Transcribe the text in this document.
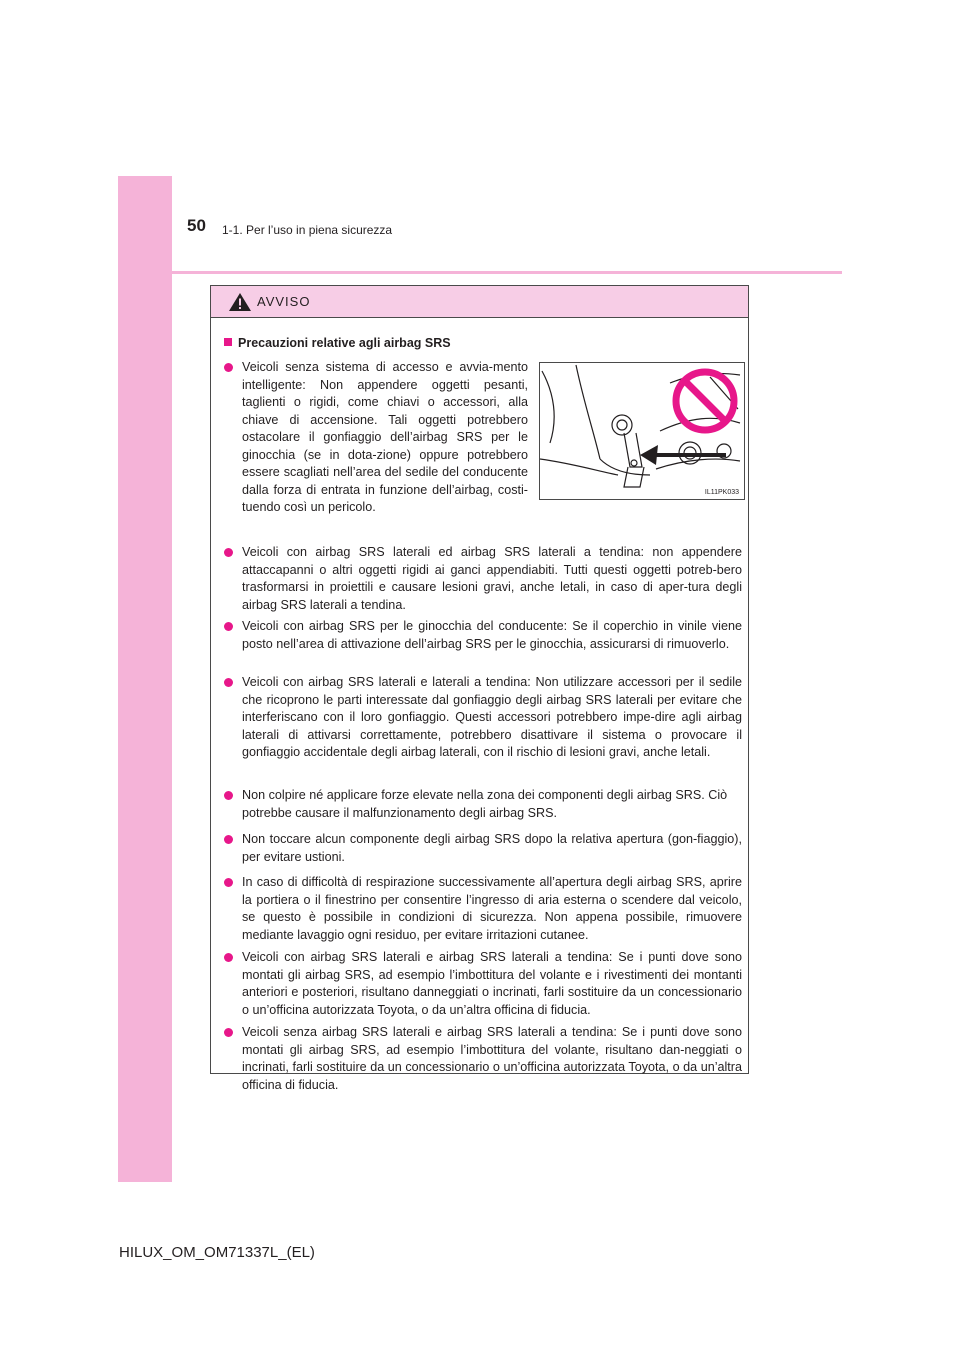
50 1-1. Per l’uso in piena sicurezza
AVVISO
Precauzioni relative agli airbag SRS
Veicoli senza sistema di accesso e avvia-mento intelligente: Non appendere oggetti pesanti, taglienti o rigidi, come chiavi o accessori, alla chiave di accensione. Tali oggetti potrebbero ostacolare il gonfiaggio dell’airbag SRS per le ginocchia (se in dota-zione) oppure potrebbero essere scagliati nell’area del sedile del conducente dalla forza di entrata in funzione dell’airbag, costi-tuendo così un pericolo.
IL11PK033
Veicoli con airbag SRS laterali ed airbag SRS laterali a tendina: non appendere attaccapanni o altri oggetti rigidi ai ganci appendiabiti. Tutti questi oggetti potreb-bero trasformarsi in proiettili e causare lesioni gravi, anche letali, in caso di aper-tura degli airbag SRS laterali a tendina.
Veicoli con airbag SRS per le ginocchia del conducente: Se il coperchio in vinile viene posto nell’area di attivazione dell’airbag SRS per le ginocchia, assicurarsi di rimuoverlo.
Veicoli con airbag SRS laterali e laterali a tendina: Non utilizzare accessori per il sedile che ricoprono le parti interessate dal gonfiaggio degli airbag SRS laterali per evitare che interferiscano con il loro gonfiaggio. Questi accessori potrebbero impe-dire agli airbag laterali di attivarsi correttamente, potrebbero disattivare il sistema o provocare il gonfiaggio accidentale degli airbag laterali, con il rischio di lesioni gravi, anche letali.
Non colpire né applicare forze elevate nella zona dei componenti degli airbag SRS. Ciò potrebbe causare il malfunzionamento degli airbag SRS.
Non toccare alcun componente degli airbag SRS dopo la relativa apertura (gon-fiaggio), per evitare ustioni.
In caso di difficoltà di respirazione successivamente all’apertura degli airbag SRS, aprire la portiera o il finestrino per consentire l’ingresso di aria esterna o scendere dal veicolo, se questo è possibile in condizioni di sicurezza. Non appena possibile, rimuovere mediante lavaggio ogni residuo, per evitare irritazioni cutanee.
Veicoli con airbag SRS laterali e airbag SRS laterali a tendina: Se i punti dove sono montati gli airbag SRS, ad esempio l’imbottitura del volante e i rivestimenti dei montanti anteriori e posteriori, risultano danneggiati o incrinati, farli sostituire da un concessionario o un’officina autorizzata Toyota, o da un’altra officina di fiducia.
Veicoli senza airbag SRS laterali e airbag SRS laterali a tendina: Se i punti dove sono montati gli airbag SRS, ad esempio l’imbottitura del volante, risultano dan-neggiati o incrinati, farli sostituire da un concessionario o un’officina autorizzata Toyota, o da un’altra officina di fiducia.
HILUX_OM_OM71337L_(EL)
